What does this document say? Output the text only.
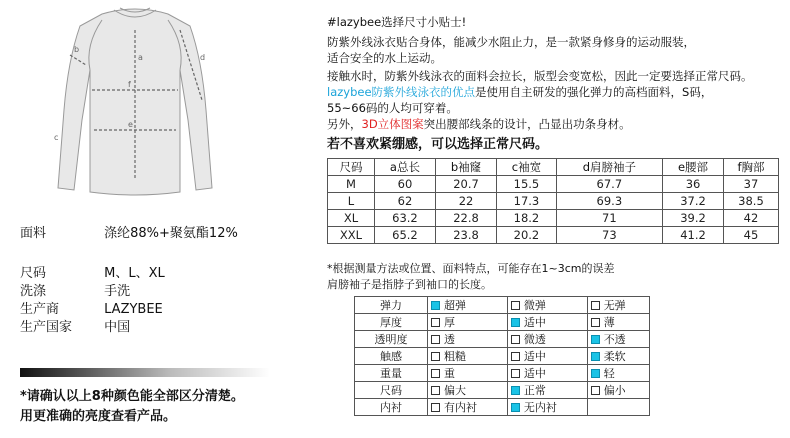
a
b
c
d
e
f
面料	涤纶88%+聚氨酯12%
尺码	M、L、XL
洗涤	手洗
生产商	LAZYBEE
生产国家 中国
*请确认以上8种颜色能全部区分清楚。
用更准确的亮度查看产品。
#lazybee选择尺寸小贴士!
防紫外线泳衣贴合身体，能减少水阻止力，是一款紧身修身的运动服装，
适合安全的水上运动。
接触水时，防紫外线泳衣的面料会拉长，版型会变宽松，因此一定要选择正常尺码。
lazybee防紫外线泳衣的优点是使用自主研发的强化弹力的高档面料，S码，
55~66码的人均可穿着。
另外，3D立体图案突出腰部线条的设计，凸显出功条身材。
若不喜欢紧绷感，可以选择正常尺码。
尺码	a总长	b袖窿	c袖宽	d肩膀袖子	e腰部	f胸部
M	60	20.7	15.5	67.7	36	37
L	62	22	17.3	69.3	37.2	38.5
XL	63.2	22.8	18.2	71	39.2	42
XXL	65.2	23.8	20.2	73	41.2	45
*根据测量方法或位置、面料特点，可能存在1~3cm的误差
肩膀袖子是指脖子到袖口的长度。
弹力	超弹	微弹	无弹
厚度	厚	适中	薄
透明度	透	微透	不透
触感	粗糙	适中	柔软
重量	重	适中	轻
尺码	偏大	正常	偏小
内衬	有内衬	无内衬	
